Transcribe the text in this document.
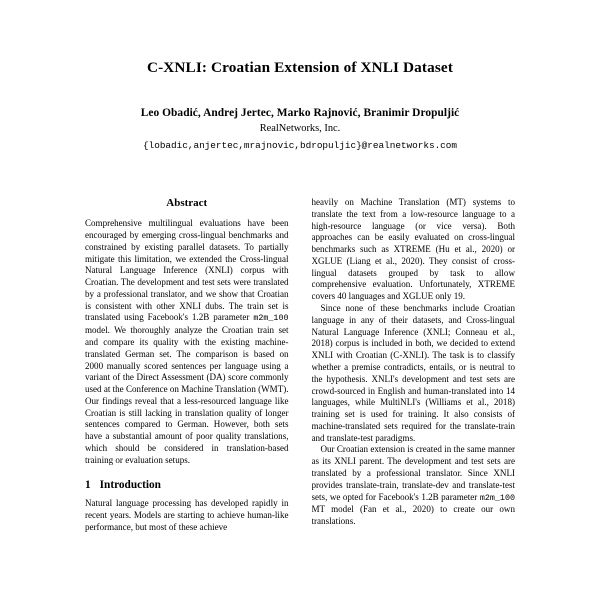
C-XNLI: Croatian Extension of XNLI Dataset
Leo Obadić, Andrej Jertec, Marko Rajnović, Branimir Dropuljić
RealNetworks, Inc.
{lobadic,anjertec,mrajnovic,bdropuljic}@realnetworks.com
Abstract

Comprehensive multilingual evaluations have been encouraged by emerging cross-lingual benchmarks and constrained by existing parallel datasets. To partially mitigate this limitation, we extended the Cross-lingual Natural Language Inference (XNLI) corpus with Croatian. The development and test sets were translated by a professional translator, and we show that Croatian is consistent with other XNLI dubs. The train set is translated using Facebook's 1.2B parameter m2m_100 model. We thoroughly analyze the Croatian train set and compare its quality with the existing machine-translated German set. The comparison is based on 2000 manually scored sentences per language using a variant of the Direct Assessment (DA) score commonly used at the Conference on Machine Translation (WMT). Our findings reveal that a less-resourced language like Croatian is still lacking in translation quality of longer sentences compared to German. However, both sets have a substantial amount of poor quality translations, which should be considered in translation-based training or evaluation setups.

1 Introduction

Natural language processing has developed rapidly in recent years. Models are starting to achieve human-like performance, but most of these achieve

heavily on Machine Translation (MT) systems to translate the text from a low-resource language to a high-resource language (or vice versa). Both approaches can be easily evaluated on cross-lingual benchmarks such as XTREME (Hu et al., 2020) or XGLUE (Liang et al., 2020). They consist of cross-lingual datasets grouped by task to allow comprehensive evaluation. Unfortunately, XTREME covers 40 languages and XGLUE only 19.

Since none of these benchmarks include Croatian language in any of their datasets, and Cross-lingual Natural Language Inference (XNLI; Conneau et al., 2018) corpus is included in both, we decided to extend XNLI with Croatian (C-XNLI). The task is to classify whether a premise contradicts, entails, or is neutral to the hypothesis. XNLI's development and test sets are crowd-sourced in English and human-translated into 14 languages, while MultiNLI's (Williams et al., 2018) training set is used for training. It also consists of machine-translated sets required for the translate-train and translate-test paradigms.

Our Croatian extension is created in the same manner as its XNLI parent. The development and test sets are translated by a professional translator. Since XNLI provides translate-train, translate-dev and translate-test sets, we opted for Facebook's 1.2B parameter m2m_100 MT model (Fan et al., 2020) to create our own translations.
